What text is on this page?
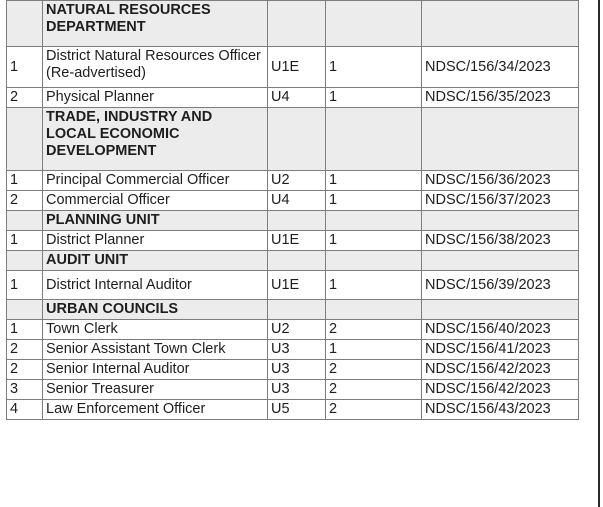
	NATURAL RESOURCES DEPARTMENT			
1	District Natural Resources Officer (Re-advertised)	U1E	1	NDSC/156/34/2023
2	Physical Planner	U4	1	NDSC/156/35/2023
	TRADE, INDUSTRY AND LOCAL ECONOMIC DEVELOPMENT			
1	Principal Commercial Officer	U2	1	NDSC/156/36/2023
2	Commercial Officer	U4	1	NDSC/156/37/2023
	PLANNING UNIT			
1	District Planner	U1E	1	NDSC/156/38/2023
	AUDIT UNIT			
1	District Internal Auditor	U1E	1	NDSC/156/39/2023
	URBAN COUNCILS			
1	Town Clerk	U2	2	NDSC/156/40/2023
2	Senior Assistant Town Clerk	U3	1	NDSC/156/41/2023
2	Senior Internal Auditor	U3	2	NDSC/156/42/2023
3	Senior Treasurer	U3	2	NDSC/156/42/2023
4	Law Enforcement Officer	U5	2	NDSC/156/43/2023
